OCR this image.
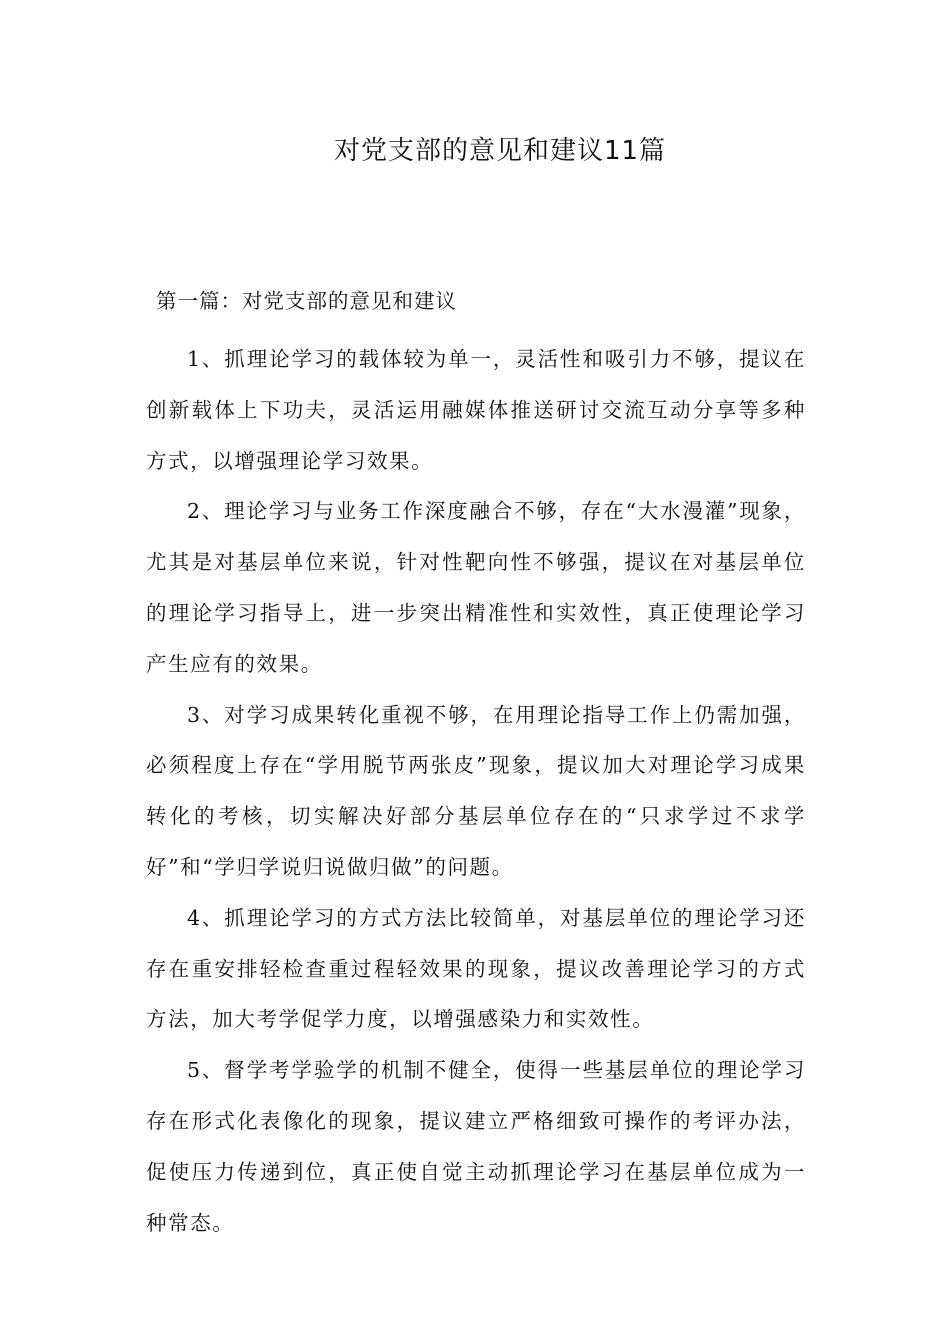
对党支部的意见和建议11篇
第一篇：对党支部的意见和建议

1、抓理论学习的载体较为单一，灵活性和吸引力不够，提议在创新载体上下功夫，灵活运用融媒体推送研讨交流互动分享等多种方式，以增强理论学习效果。

2、理论学习与业务工作深度融合不够，存在“大水漫灌”现象，尤其是对基层单位来说，针对性靶向性不够强，提议在对基层单位的理论学习指导上，进一步突出精准性和实效性，真正使理论学习产生应有的效果。

3、对学习成果转化重视不够，在用理论指导工作上仍需加强，必须程度上存在“学用脱节两张皮”现象，提议加大对理论学习成果转化的考核，切实解决好部分基层单位存在的“只求学过不求学好”和“学归学说归说做归做”的问题。

4、抓理论学习的方式方法比较简单，对基层单位的理论学习还存在重安排轻检查重过程轻效果的现象，提议改善理论学习的方式方法，加大考学促学力度，以增强感染力和实效性。

5、督学考学验学的机制不健全，使得一些基层单位的理论学习存在形式化表像化的现象，提议建立严格细致可操作的考评办法，促使压力传递到位，真正使自觉主动抓理论学习在基层单位成为一种常态。
